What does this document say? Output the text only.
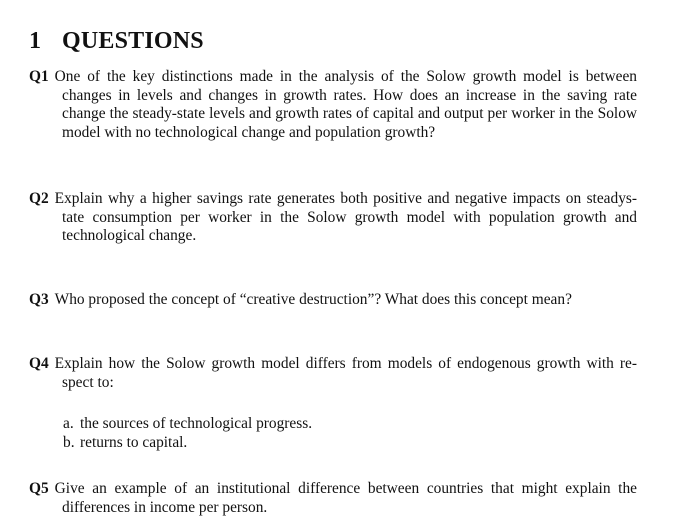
1 QUESTIONS

Q1 One of the key distinctions made in the analysis of the Solow growth model is between changes in levels and changes in growth rates. How does an increase in the saving rate change the steady-state levels and growth rates of capital and output per worker in the Solow model with no technological change and population growth?

Q2 Explain why a higher savings rate generates both positive and negative impacts on steadys-tate consumption per worker in the Solow growth model with population growth and technological change.

Q3 Who proposed the concept of “creative destruction”? What does this concept mean?

Q4 Explain how the Solow growth model differs from models of endogenous growth with re-spect to:

a. the sources of technological progress.
b. returns to capital.

Q5 Give an example of an institutional difference between countries that might explain the differences in income per person.
